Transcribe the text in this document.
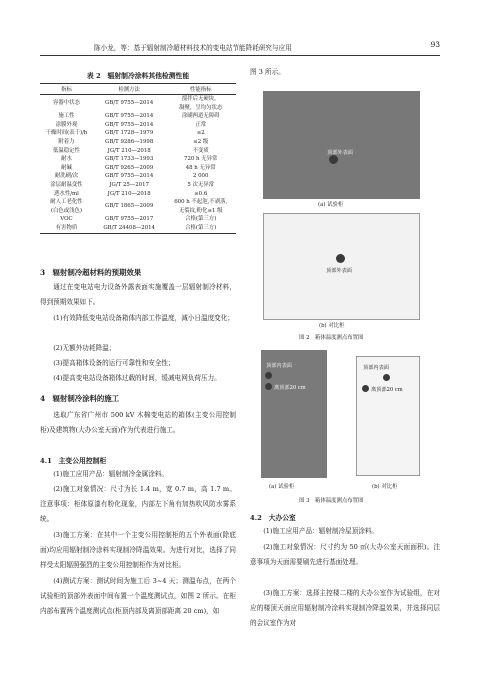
陈小龙，等：基于辐射制冷超材料技术的变电站节能降耗研究与应用	93
表 2　辐射制冷涂料其他检测性能
指标	检测方法	性能指标
容器中状态	GB/T 9755—2014	搅拌后无硬块，
凝聚，呈均匀状态
施工性	GB/T 9755—2014	涂刷两道无障碍
涂膜外观	GB/T 9755—2014	正常
干燥时间(表干)/h	GB/T 1728—1979	≤2
附着力	GB/T 9286—1998	≤2 级
低温稳定性	JG/T 210—2018	不变质
耐水	GB/T 1733—1993	720 h 无异常
耐碱	GB/T 9265—2009	48 h 无异常
耐洗刷/次	GB/T 9755—2014	2 000
涂层耐温变性	JG/T 25—2017	5 次无异常
透水性/ml	JG/T 210—2018	≤0.6
耐人工老化性
(白色或浅色)	GB/T 1865—2009	600 h 不起泡,不剥落,
无裂纹,粉化≤1 级
VOC	GB/T 9755—2017	合格(第三方)
有害物质	GB/T 24408—2014	合格(第三方)
3　辐射制冷超材料的预期效果
通过在变电站电力设备外露表面实施覆盖一层辐射制冷材料，得到预期效果如下。
(1)有效降低变电站设备箱体内部工作温度，减小日温度变化；
(2)无额外功耗降温；
(3)提高箱体设备的运行可靠性和安全性；
(4)提高变电站设备箱体过载的时间，缓减电网负荷压力。
4　辐射制冷涂料的施工
选取广东省广州市 500 kV 木棉变电站的箱体(主变公用控制柜)及建筑物(大办公室天面)作为代表进行施工。
4.1　主变公用控制柜
(1)施工应用产品：辐射制冷金属涂料。
(2)施工对象情况：尺寸为长 1.4 m，宽 0.7 m，高 1.7 m。注意事项：柜体原漆有粉化现象，内部左下角有加热吹风防水雾系统。
(3)施工方案：在其中一个主变公用控制柜的五个外表面(除底面)均应用辐射制冷涂料实现制冷降温效果。为进行对比，选择了同样受太阳辐照强烈的主变公用控制柜作为对比柜。
(4)测试方案：测试时间为施工后 3~4 天；测温布点，在两个试验柜的顶部外表面中间布置一个温度测试点，如图 2 所示。在柜内部布置两个温度测试点(柜顶内部及离顶部距离 20 cm)，如
图 3 所示。
顶部外表面
(a) 试验柜
顶部外表面
(b) 对比柜
图 2　箱体温度测点布置图
顶部内表面
离顶部20 cm
(a) 试验柜
顶部内表面
离顶部20 cm
(b) 对比柜
图 3　箱体温度测点布置图
4.2　大办公室
(1)施工应用产品：辐射制冷屋顶涂料。
(2)施工对象情况：尺寸约为 50 ㎡(大办公室天面面积)。注意事项为天面需要刷先进行基面处理。
(3)施工方案：选择主控楼二楼的大办公室作为试验组，在对应的楼顶天面应用辐射制冷涂料实现制冷降温效果，并选择同层的会议室作为对
